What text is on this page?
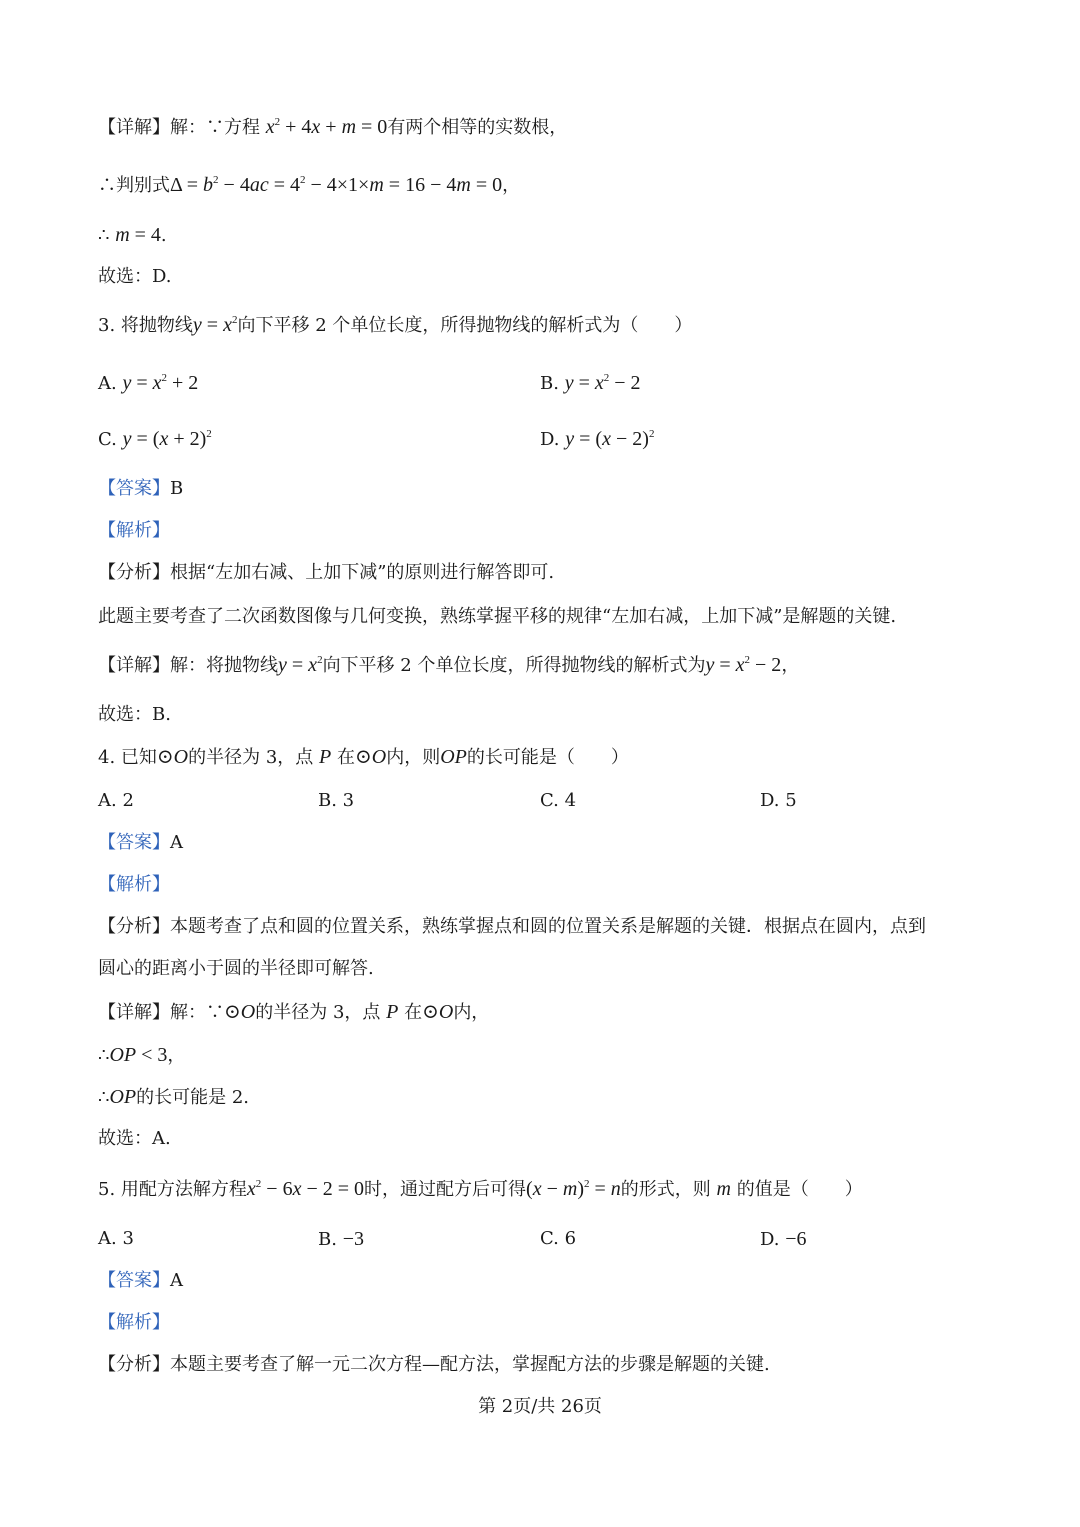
【详解】解：∵方程 $x^2 + 4x + m = 0$有两个相等的实数根，
∴判别式$\Delta = b^2 - 4ac = 4^2 - 4\times 1\times m = 16 - 4m = 0$，
∴ m = 4.
故选：D.
3. 将抛物线$y = x^2$向下平移 2 个单位长度，所得抛物线的解析式为（　　）
A. $y = x^2 + 2$	B. $y = x^2 - 2$
C. $y = (x + 2)^2$	D. $y = (x - 2)^2$
【答案】B
【解析】
【分析】根据“左加右减、上加下减”的原则进行解答即可.
此题主要考查了二次函数图像与几何变换，熟练掌握平移的规律“左加右减，上加下减”是解题的关键.
【详解】解：将抛物线$y = x^2$向下平移 2 个单位长度，所得抛物线的解析式为$y = x^2 - 2$，
故选：B.
4. 已知⊙O的半径为 3，点 P 在⊙O内，则OP的长可能是（　　）
A. 2	B. 3	C. 4	D. 5
【答案】A
【解析】
【分析】本题考查了点和圆的位置关系，熟练掌握点和圆的位置关系是解题的关键．根据点在圆内，点到
圆心的距离小于圆的半径即可解答.
【详解】解：∵⊙O的半径为 3，点 P 在⊙O内，
∴OP < 3，
∴OP的长可能是 2.
故选：A.
5. 用配方法解方程$x^2 - 6x - 2 = 0$时，通过配方后可得$(x - m)^2 = n$的形式，则 m 的值是（　　）
A. 3	B. −3	C. 6	D. −6
【答案】A
【解析】
【分析】本题主要考查了解一元二次方程—配方法，掌握配方法的步骤是解题的关键.
第 2页/共 26页
